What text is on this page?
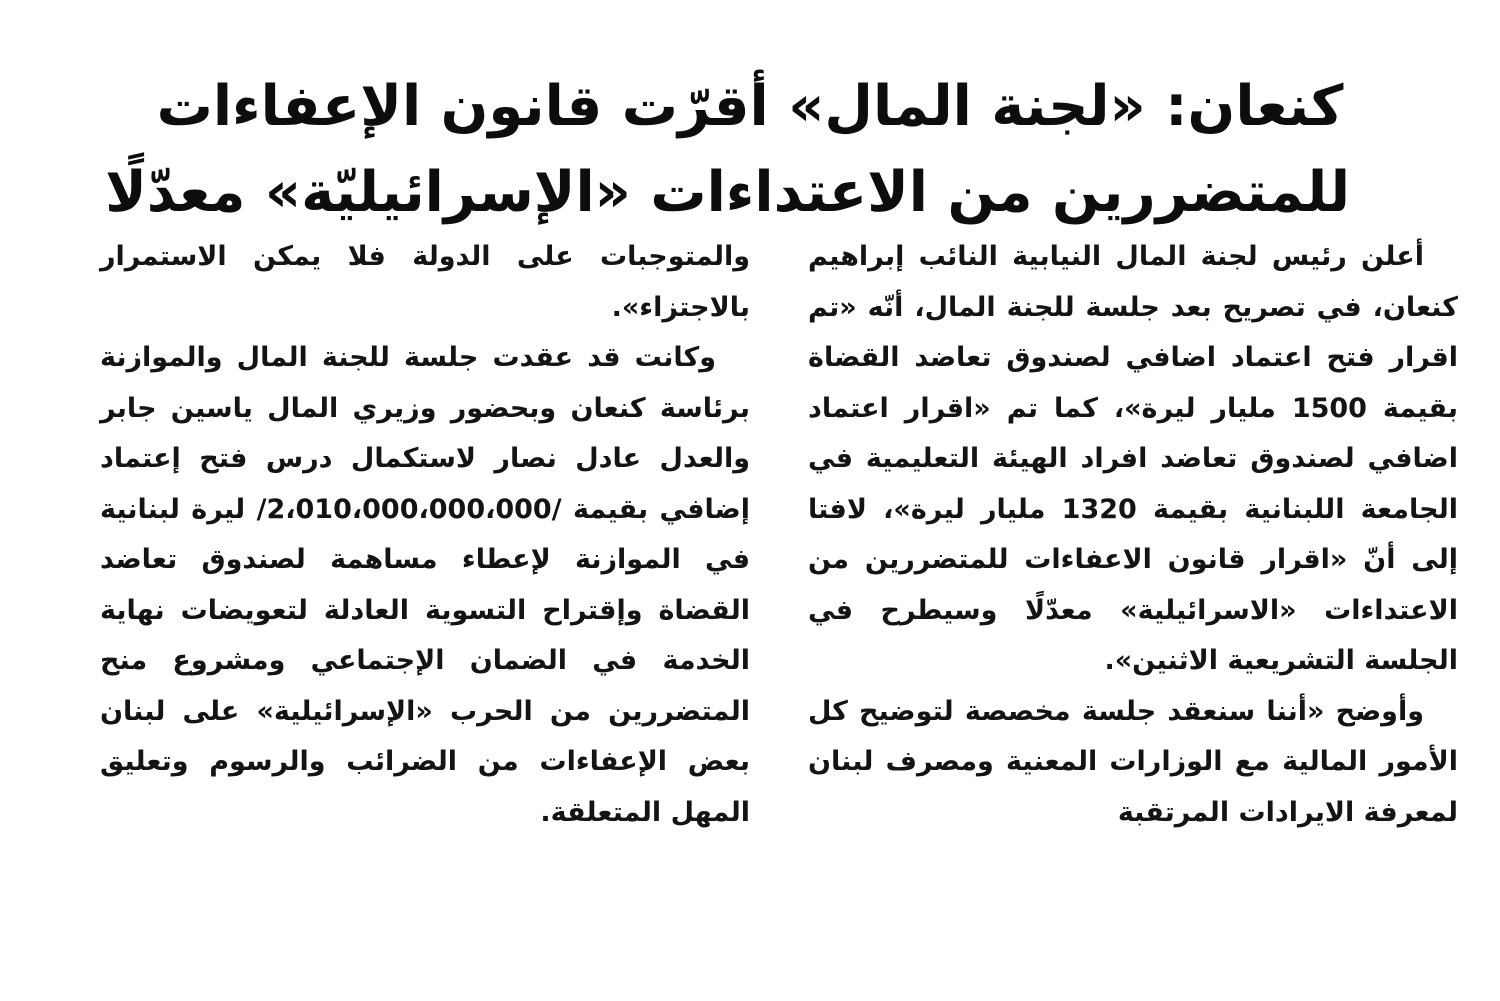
كنعان: «لجنة المال» أقرّت قانون الإعفاءات
للمتضررين من الاعتداءات «الإسرائيليّة» معدّلًا

أعلن رئيس لجنة المال النيابية النائب إبراهيم كنعان، في تصريح بعد جلسة للجنة المال، أنّه «تم اقرار فتح اعتماد اضافي لصندوق تعاضد القضاة بقيمة 1500 مليار ليرة»، كما تم «اقرار اعتماد اضافي لصندوق تعاضد افراد الهيئة التعليمية في الجامعة اللبنانية بقيمة 1320 مليار ليرة»، لافتا إلى أنّ «اقرار قانون الاعفاءات للمتضررين من الاعتداءات «الاسرائيلية» معدّلًا وسيطرح في الجلسة التشريعية الاثنين».

وأوضح «أننا سنعقد جلسة مخصصة لتوضيح كل الأمور المالية مع الوزارات المعنية ومصرف لبنان لمعرفة الايرادات المرتقبة

والمتوجبات على الدولة فلا يمكن الاستمرار بالاجتزاء».

وكانت قد عقدت جلسة للجنة المال والموازنة برئاسة كنعان وبحضور وزيري المال ياسين جابر والعدل عادل نصار لاستكمال درس فتح إعتماد إضافي بقيمة /2،010،000،000،000/ ليرة لبنانية في الموازنة لإعطاء مساهمة لصندوق تعاضد القضاة وإقتراح التسوية العادلة لتعويضات نهاية الخدمة في الضمان الإجتماعي ومشروع منح المتضررين من الحرب «الإسرائيلية» على لبنان بعض الإعفاءات من الضرائب والرسوم وتعليق المهل المتعلقة.
